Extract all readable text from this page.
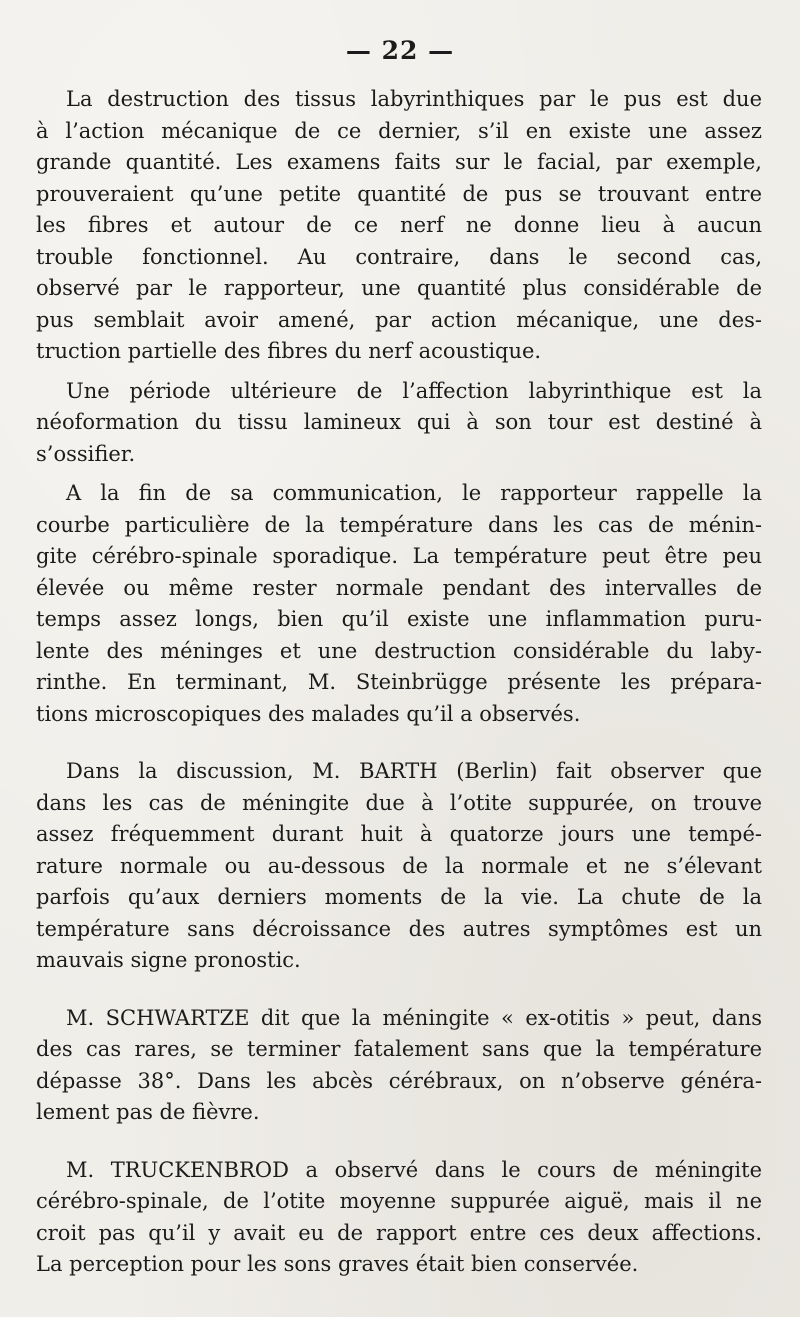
— 22 —
La destruction des tissus labyrinthiques par le pus est due
à l’action mécanique de ce dernier, s’il en existe une assez
grande quantité. Les examens faits sur le facial, par exemple,
prouveraient qu’une petite quantité de pus se trouvant entre
les fibres et autour de ce nerf ne donne lieu à aucun
trouble fonctionnel. Au contraire, dans le second cas,
observé par le rapporteur, une quantité plus considérable de
pus semblait avoir amené, par action mécanique, une des-
truction partielle des fibres du nerf acoustique.
Une période ultérieure de l’affection labyrinthique est la
néoformation du tissu lamineux qui à son tour est destiné à
s’ossifier.
A la fin de sa communication, le rapporteur rappelle la
courbe particulière de la température dans les cas de ménin-
gite cérébro-spinale sporadique. La température peut être peu
élevée ou même rester normale pendant des intervalles de
temps assez longs, bien qu’il existe une inflammation puru-
lente des méninges et une destruction considérable du laby-
rinthe. En terminant, M. Steinbrügge présente les prépara-
tions microscopiques des malades qu’il a observés.
Dans la discussion, M. BARTH (Berlin) fait observer que
dans les cas de méningite due à l’otite suppurée, on trouve
assez fréquemment durant huit à quatorze jours une tempé-
rature normale ou au-dessous de la normale et ne s’élevant
parfois qu’aux derniers moments de la vie. La chute de la
température sans décroissance des autres symptômes est un
mauvais signe pronostic.
M. SCHWARTZE dit que la méningite « ex-otitis » peut, dans
des cas rares, se terminer fatalement sans que la température
dépasse 38°. Dans les abcès cérébraux, on n’observe généra-
lement pas de fièvre.
M. TRUCKENBROD a observé dans le cours de méningite
cérébro-spinale, de l’otite moyenne suppurée aiguë, mais il ne
croit pas qu’il y avait eu de rapport entre ces deux affections.
La perception pour les sons graves était bien conservée.
